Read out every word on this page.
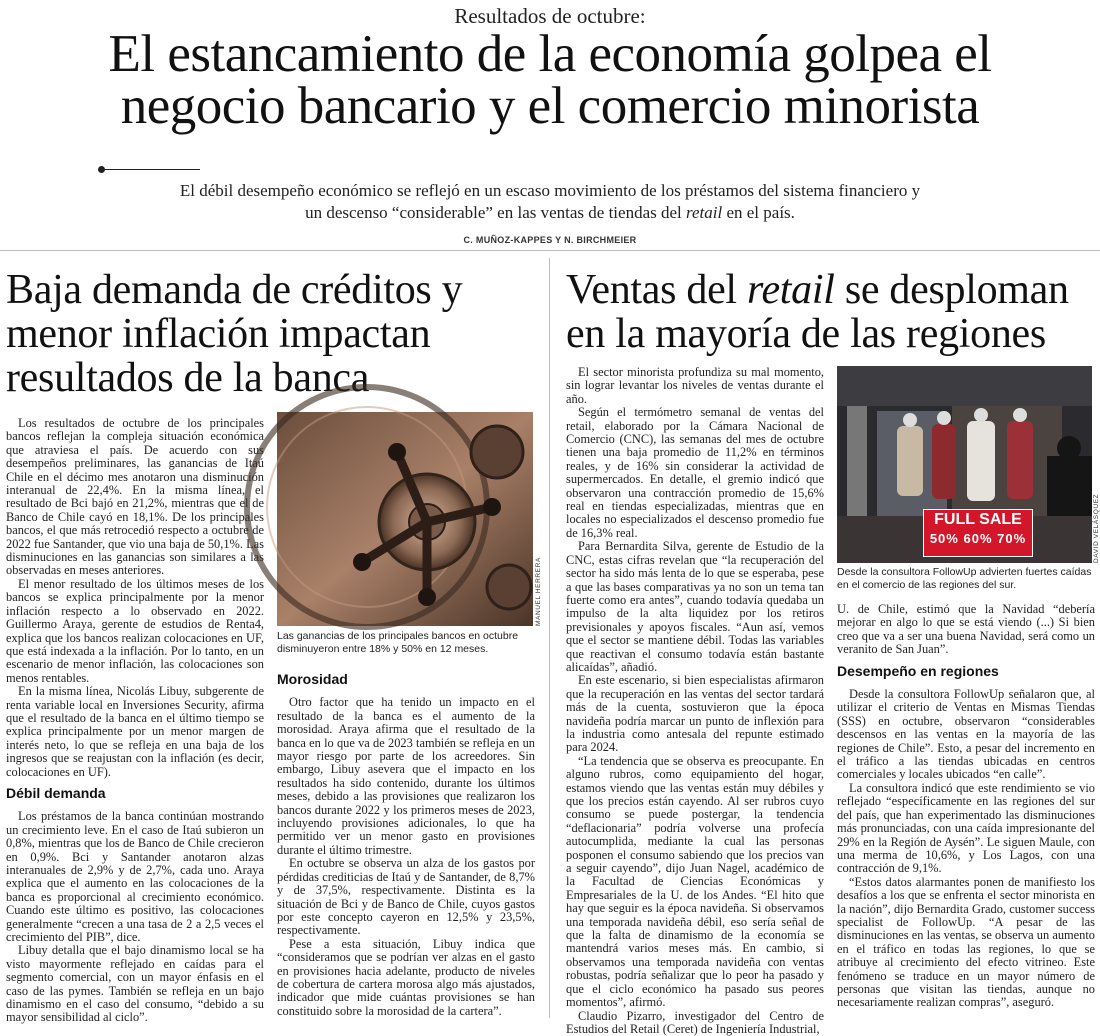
Resultados de octubre:
El estancamiento de la economía golpea el
negocio bancario y el comercio minorista
El débil desempeño económico se reflejó en un escaso movimiento de los préstamos del sistema financiero y
un descenso “considerable” en las ventas de tiendas del retail en el país.
C. MUÑOZ-KAPPES Y N. BIRCHMEIER
Baja demanda de créditos y
menor inflación impactan
resultados de la banca

Los resultados de octubre de los principales bancos reflejan la compleja situación económica que atraviesa el país. De acuerdo con sus desempeños preliminares, las ganancias de Itaú Chile en el décimo mes anotaron una disminución interanual de 22,4%. En la misma línea, el resultado de Bci bajó en 21,2%, mientras que el de Banco de Chile cayó en 18,1%. De los principales bancos, el que más retrocedió respecto a octubre de 2022 fue Santander, que vio una baja de 50,1%. Las disminuciones en las ganancias son similares a las observadas en meses anteriores.

El menor resultado de los últimos meses de los bancos se explica principalmente por la menor inflación respecto a lo observado en 2022. Guillermo Araya, gerente de estudios de Renta4, explica que los bancos realizan colocaciones en UF, que está indexada a la inflación. Por lo tanto, en un escenario de menor inflación, las colocaciones son menos rentables.

En la misma línea, Nicolás Libuy, subgerente de renta variable local en Inversiones Security, afirma que el resultado de la banca en el último tiempo se explica principalmente por un menor margen de interés neto, lo que se refleja en una baja de los ingresos que se reajustan con la inflación (es decir, colocaciones en UF).

Débil demanda

Los préstamos de la banca continúan mostrando un crecimiento leve. En el caso de Itaú subieron un 0,8%, mientras que los de Banco de Chile crecieron en 0,9%. Bci y Santander anotaron alzas interanuales de 2,9% y de 2,7%, cada uno. Araya explica que el aumento en las colocaciones de la banca es proporcional al crecimiento económico. Cuando este último es positivo, las colocaciones generalmente “crecen a una tasa de 2 a 2,5 veces el crecimiento del PIB”, dice.

Libuy detalla que el bajo dinamismo local se ha visto mayormente reflejado en caídas para el segmento comercial, con un mayor énfasis en el caso de las pymes. También se refleja en un bajo dinamismo en el caso del consumo, “debido a su mayor sensibilidad al ciclo”.

MANUEL HERRERA
Las ganancias de los principales bancos en octubre disminuyeron entre 18% y 50% en 12 meses.
Morosidad

Otro factor que ha tenido un impacto en el resultado de la banca es el aumento de la morosidad. Araya afirma que el resultado de la banca en lo que va de 2023 también se refleja en un mayor riesgo por parte de los acreedores. Sin embargo, Libuy asevera que el impacto en los resultados ha sido contenido, durante los últimos meses, debido a las provisiones que realizaron los bancos durante 2022 y los primeros meses de 2023, incluyendo provisiones adicionales, lo que ha permitido ver un menor gasto en provisiones durante el último trimestre.

En octubre se observa un alza de los gastos por pérdidas crediticias de Itaú y de Santander, de 8,7% y de 37,5%, respectivamente. Distinta es la situación de Bci y de Banco de Chile, cuyos gastos por este concepto cayeron en 12,5% y 23,5%, respectivamente.

Pese a esta situación, Libuy indica que “consideramos que se podrían ver alzas en el gasto en provisiones hacia adelante, producto de niveles de cobertura de cartera morosa algo más ajustados, indicador que mide cuántas provisiones se han constituido sobre la morosidad de la cartera”.

Ventas del retail se desploman
en la mayoría de las regiones

El sector minorista profundiza su mal momento, sin lograr levantar los niveles de ventas durante el año.

Según el termómetro semanal de ventas del retail, elaborado por la Cámara Nacional de Comercio (CNC), las semanas del mes de octubre tienen una baja promedio de 11,2% en términos reales, y de 16% sin considerar la actividad de supermercados. En detalle, el gremio indicó que observaron una contracción promedio de 15,6% real en tiendas especializadas, mientras que en locales no especializados el descenso promedio fue de 16,3% real.

Para Bernardita Silva, gerente de Estudio de la CNC, estas cifras revelan que “la recuperación del sector ha sido más lenta de lo que se esperaba, pese a que las bases comparativas ya no son un tema tan fuerte como era antes”, cuando todavía quedaba un impulso de la alta liquidez por los retiros previsionales y apoyos fiscales. “Aun así, vemos que el sector se mantiene débil. Todas las variables que reactivan el consumo todavía están bastante alicaídas”, añadió.

En este escenario, si bien especialistas afirmaron que la recuperación en las ventas del sector tardará más de la cuenta, sostuvieron que la época navideña podría marcar un punto de inflexión para la industria como antesala del repunte estimado para 2024.

“La tendencia que se observa es preocupante. En alguno rubros, como equipamiento del hogar, estamos viendo que las ventas están muy débiles y que los precios están cayendo. Al ser rubros cuyo consumo se puede postergar, la tendencia “deflacionaria” podría volverse una profecía autocumplida, mediante la cual las personas posponen el consumo sabiendo que los precios van a seguir cayendo”, dijo Juan Nagel, académico de la Facultad de Ciencias Económicas y Empresariales de la U. de los Andes. “El hito que hay que seguir es la época navideña. Si observamos una temporada navideña débil, eso sería señal de que la falta de dinamismo de la economía se mantendrá varios meses más. En cambio, si observamos una temporada navideña con ventas robustas, podría señalizar que lo peor ha pasado y que el ciclo económico ha pasado sus peores momentos”, afirmó.

Claudio Pizarro, investigador del Centro de Estudios del Retail (Ceret) de Ingeniería Industrial,

FULL SALE
50% 60% 70%	DAVID VELÁSQUEZ
Desde la consultora FollowUp advierten fuertes caídas en el comercio de las regiones del sur.

U. de Chile, estimó que la Navidad “debería mejorar en algo lo que se está viendo (...) Si bien creo que va a ser una buena Navidad, será como un veranito de San Juan”.

Desempeño en regiones

Desde la consultora FollowUp señalaron que, al utilizar el criterio de Ventas en Mismas Tiendas (SSS) en octubre, observaron “considerables descensos en las ventas en la mayoría de las regiones de Chile”. Esto, a pesar del incremento en el tráfico a las tiendas ubicadas en centros comerciales y locales ubicados “en calle”.

La consultora indicó que este rendimiento se vio reflejado “específicamente en las regiones del sur del país, que han experimentado las disminuciones más pronunciadas, con una caída impresionante del 29% en la Región de Aysén”. Le siguen Maule, con una merma de 10,6%, y Los Lagos, con una contracción de 9,1%.

“Estos datos alarmantes ponen de manifiesto los desafíos a los que se enfrenta el sector minorista en la nación”, dijo Bernardita Grado, customer success specialist de FollowUp. “A pesar de las disminuciones en las ventas, se observa un aumento en el tráfico en todas las regiones, lo que se atribuye al crecimiento del efecto vitrineo. Este fenómeno se traduce en un mayor número de personas que visitan las tiendas, aunque no necesariamente realizan compras”, aseguró.
